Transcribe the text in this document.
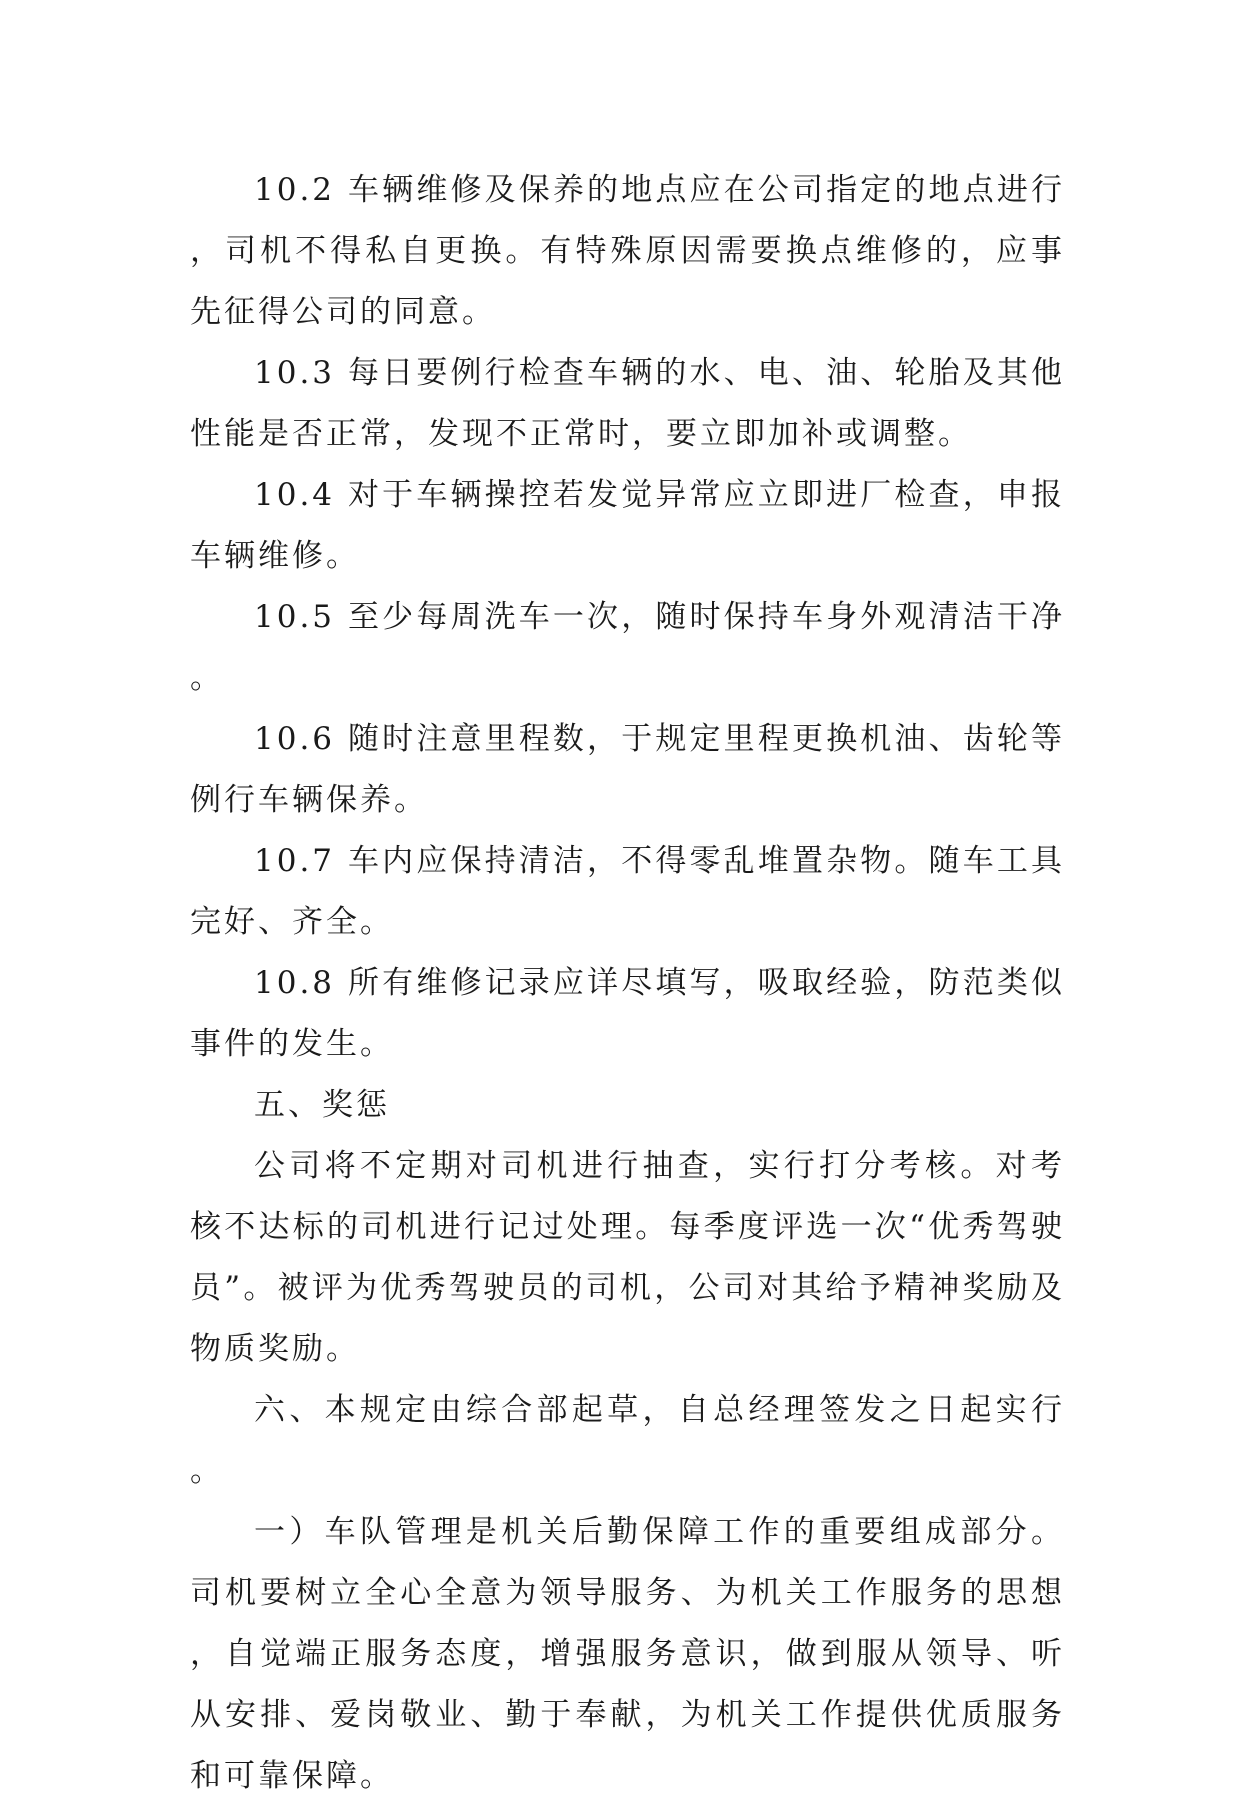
10.2 车辆维修及保养的地点应在公司指定的地点进行，司机不得私自更换。有特殊原因需要换点维修的，应事先征得公司的同意。

10.3 每日要例行检查车辆的水、电、油、轮胎及其他性能是否正常，发现不正常时，要立即加补或调整。

10.4 对于车辆操控若发觉异常应立即进厂检查，申报车辆维修。

10.5 至少每周洗车一次，随时保持车身外观清洁干净。

10.6 随时注意里程数，于规定里程更换机油、齿轮等例行车辆保养。

10.7 车内应保持清洁，不得零乱堆置杂物。随车工具完好、齐全。

10.8 所有维修记录应详尽填写，吸取经验，防范类似事件的发生。

五、奖惩

公司将不定期对司机进行抽查，实行打分考核。对考核不达标的司机进行记过处理。每季度评选一次“优秀驾驶员”。被评为优秀驾驶员的司机，公司对其给予精神奖励及物质奖励。

六、本规定由综合部起草，自总经理签发之日起实行。

一）车队管理是机关后勤保障工作的重要组成部分。司机要树立全心全意为领导服务、为机关工作服务的思想，自觉端正服务态度，增强服务意识，做到服从领导、听从安排、爱岗敬业、勤于奉献，为机关工作提供优质服务和可靠保障。
